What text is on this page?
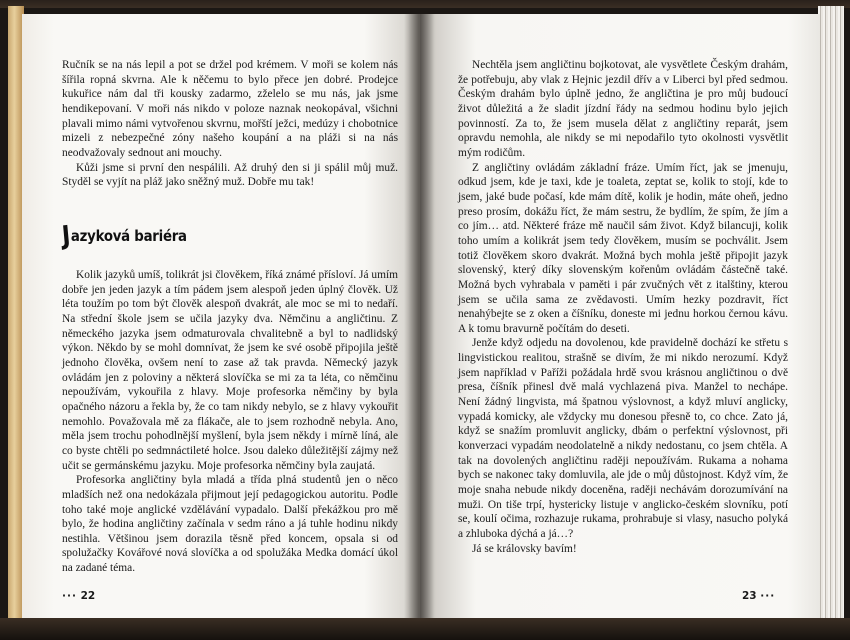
Ručník se na nás lepil a pot se držel pod krémem. V moři se kolem nás šířila ropná skvrna. Ale k něčemu to bylo přece jen dobré. Prodejce kukuřice nám dal tři kousky zadarmo, zželelo se mu nás, jak jsme hendikepovaní. V moři nás nikdo v poloze naznak neokopával, všichni plavali mimo námi vytvořenou skvrnu, mořští ježci, medúzy i chobotnice mizeli z nebezpečné zóny našeho koupání a na pláži si na nás neodvažovaly sednout ani mouchy.

Kůži jsme si první den nespálili. Až druhý den si ji spálil můj muž. Styděl se vyjít na pláž jako sněžný muž. Dobře mu tak!

Jazyková bariéra

Kolik jazyků umíš, tolikrát jsi člověkem, říká známé přísloví. Já umím dobře jen jeden jazyk a tím pádem jsem alespoň jeden úplný člověk. Už léta toužím po tom být člověk alespoň dvakrát, ale moc se mi to nedaří. Na střední škole jsem se učila jazyky dva. Němčinu a angličtinu. Z německého jazyka jsem odmaturovala chvalitebně a byl to nadlidský výkon. Někdo by se mohl domnívat, že jsem ke své osobě připojila ještě jednoho člověka, ovšem není to zase až tak pravda. Německý jazyk ovládám jen z poloviny a některá slovíčka se mi za ta léta, co němčinu nepoužívám, vykouřila z hlavy. Moje profesorka němčiny by byla opačného názoru a řekla by, že co tam nikdy nebylo, se z hlavy vykouřit nemohlo. Považovala mě za flákače, ale to jsem rozhodně nebyla. Ano, měla jsem trochu pohodlnější myšlení, byla jsem někdy i mírně líná, ale co byste chtěli po sedmnáctileté holce. Jsou daleko důležitější zájmy než učit se germánskému jazyku. Moje profesorka němčiny byla zaujatá.

Profesorka angličtiny byla mladá a třída plná studentů jen o něco mladších než ona nedokázala přijmout její pedagogickou autoritu. Podle toho také moje anglické vzdělávání vypadalo. Další překážkou pro mě bylo, že hodina angličtiny začínala v sedm ráno a já tuhle hodinu nikdy nestihla. Většinou jsem dorazila těsně před koncem, opsala si od spolužačky Kovářové nová slovíčka a od spolužáka Medka domácí úkol na zadané téma.

··· 22

Nechtěla jsem angličtinu bojkotovat, ale vysvětlete Českým drahám, že potřebuju, aby vlak z Hejnic jezdil dřív a v Liberci byl před sedmou. Českým drahám bylo úplně jedno, že angličtina je pro můj budoucí život důležitá a že sladit jízdní řády na sedmou hodinu bylo jejich povinností. Za to, že jsem musela dělat z angličtiny reparát, jsem opravdu nemohla, ale nikdy se mi nepodařilo tyto okolnosti vysvětlit mým rodičům.

Z angličtiny ovládám základní fráze. Umím říct, jak se jmenuju, odkud jsem, kde je taxi, kde je toaleta, zeptat se, kolik to stojí, kde to jsem, jaké bude počasí, kde mám dítě, kolik je hodin, máte oheň, jedno preso prosím, dokážu říct, že mám sestru, že bydlím, že spím, že jím a co jím… atd. Některé fráze mě naučil sám život. Když bilancuji, kolik toho umím a kolikrát jsem tedy člověkem, musím se pochválit. Jsem totiž člověkem skoro dvakrát. Možná bych mohla ještě připojit jazyk slovenský, který díky slovenským kořenům ovládám částečně také. Možná bych vyhrabala v paměti i pár zvučných vět z italštiny, kterou jsem se učila sama ze zvědavosti. Umím hezky pozdravit, říct nenahýbejte se z oken a číšníku, doneste mi jednu horkou černou kávu. A k tomu bravurně počítám do deseti.

Jenže když odjedu na dovolenou, kde pravidelně dochází ke střetu s lingvistickou realitou, strašně se divím, že mi nikdo nerozumí. Když jsem například v Paříži požádala hrdě svou krásnou angličtinou o dvě presa, číšník přinesl dvě malá vychlazená piva. Manžel to nechápe. Není žádný lingvista, má špatnou výslovnost, a když mluví anglicky, vypadá komicky, ale vždycky mu donesou přesně to, co chce. Zato já, když se snažím promluvit anglicky, dbám o perfektní výslovnost, při konverzaci vypadám neodolatelně a nikdy nedostanu, co jsem chtěla. A tak na dovolených angličtinu raději nepoužívám. Rukama a nohama bych se nakonec taky domluvila, ale jde o můj důstojnost. Když vím, že moje snaha nebude nikdy doceněna, raději nechávám dorozumívání na muži. On tiše trpí, hystericky listuje v anglicko-českém slovníku, potí se, koulí očima, rozhazuje rukama, prohrabuje si vlasy, nasucho polyká a zhluboka dýchá a já…?

Já se královsky bavím!

23 ···
